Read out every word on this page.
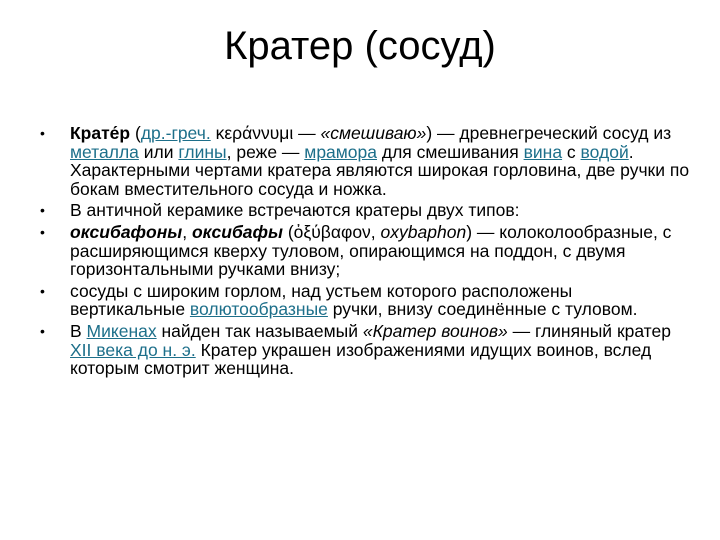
Кратер (сосуд)
• Крате́р (др.-греч. κεράννυμι — «смешиваю») — древнегреческий сосуд из металла или глины, реже — мрамора для смешивания вина с водой. Характерными чертами кратера являются широкая горловина, две ручки по бокам вместительного сосуда и ножка.
• В античной керамике встречаются кратеры двух типов:
• оксибафоны, оксибафы (ὀξύβαφον, oxybaphon) — колоколообразные, с расширяющимся кверху туловом, опирающимся на поддон, с двумя горизонтальными ручками внизу;
• сосуды с широким горлом, над устьем которого расположены вертикальные волютообразные ручки, внизу соединённые с туловом.
• В Микенах найден так называемый «Кратер воинов» — глиняный кратер XII века до н. э. Кратер украшен изображениями идущих воинов, вслед которым смотрит женщина.
